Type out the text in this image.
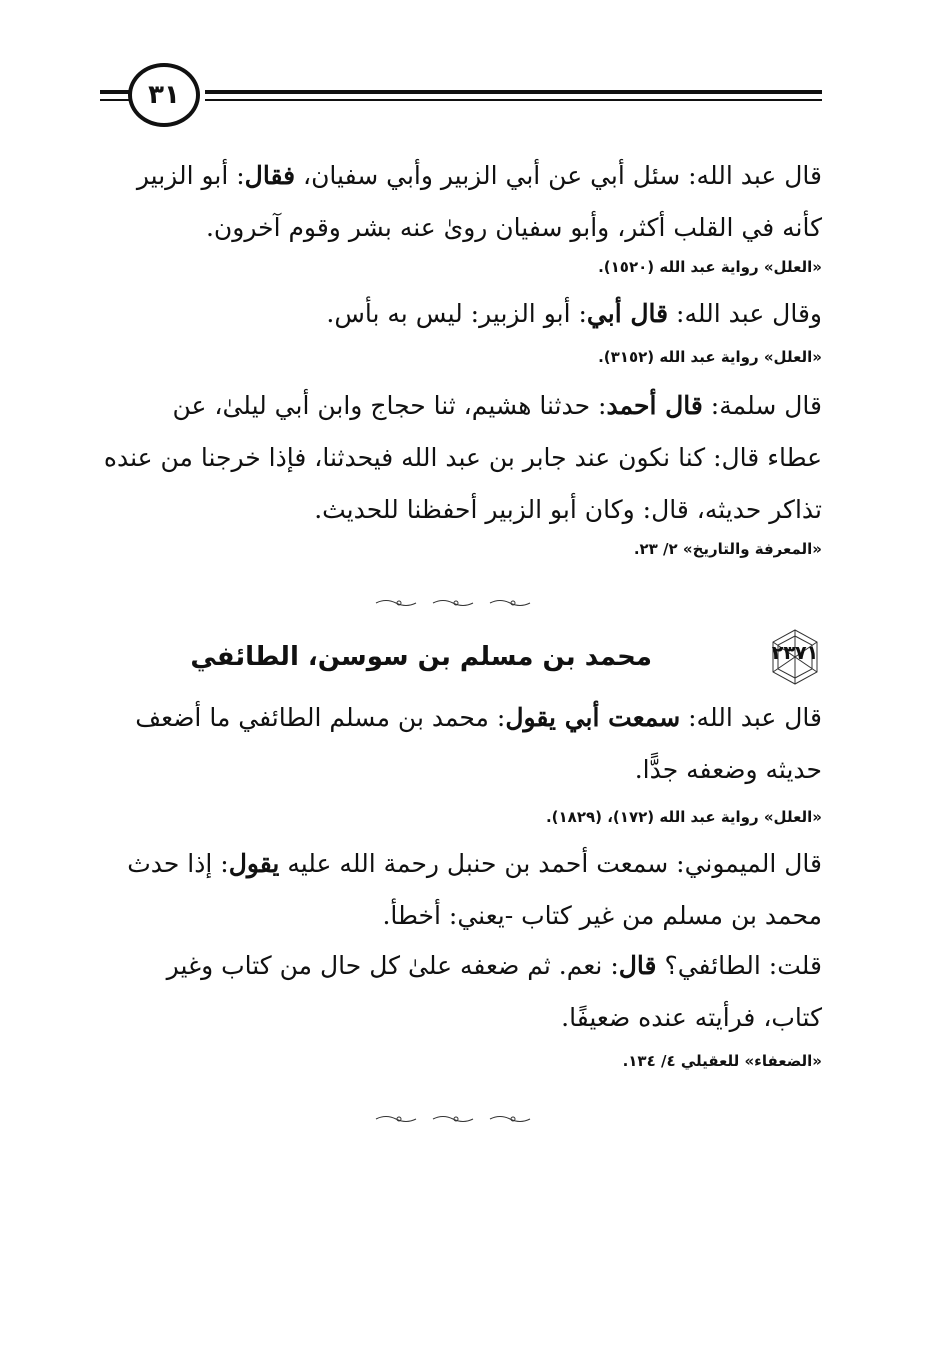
٣١

قال عبد الله: سئل أبي عن أبي الزبير وأبي سفيان، فقال: أبو الزبير
كأنه في القلب أكثر، وأبو سفيان روىٰ عنه بشر وقوم آخرون.

«العلل» رواية عبد الله (١٥٢٠).

وقال عبد الله: قال أبي: أبو الزبير: ليس به بأس.

«العلل» رواية عبد الله (٣١٥٢).

قال سلمة: قال أحمد: حدثنا هشيم، ثنا حجاج وابن أبي ليلىٰ، عن
عطاء قال: كنا نكون عند جابر بن عبد الله فيحدثنا، فإذا خرجنا من عنده
تذاكر حديثه، قال: وكان أبو الزبير أحفظنا للحديث.

«المعرفة والتاريخ» ٢/ ٢٣.
٢٣٧١
محمد بن مسلم بن سوسن، الطائفي

قال عبد الله: سمعت أبي يقول: محمد بن مسلم الطائفي ما أضعف
حديثه وضعفه جدًّا.

«العلل» رواية عبد الله (١٧٢)، (١٨٢٩).

قال الميموني: سمعت أحمد بن حنبل رحمة الله عليه يقول: إذا حدث
محمد بن مسلم من غير كتاب -يعني: أخطأ.

قلت: الطائفي؟ قال: نعم. ثم ضعفه علىٰ كل حال من كتاب وغير
كتاب، فرأيته عنده ضعيفًا.

«الضعفاء» للعقيلي ٤/ ١٣٤.
